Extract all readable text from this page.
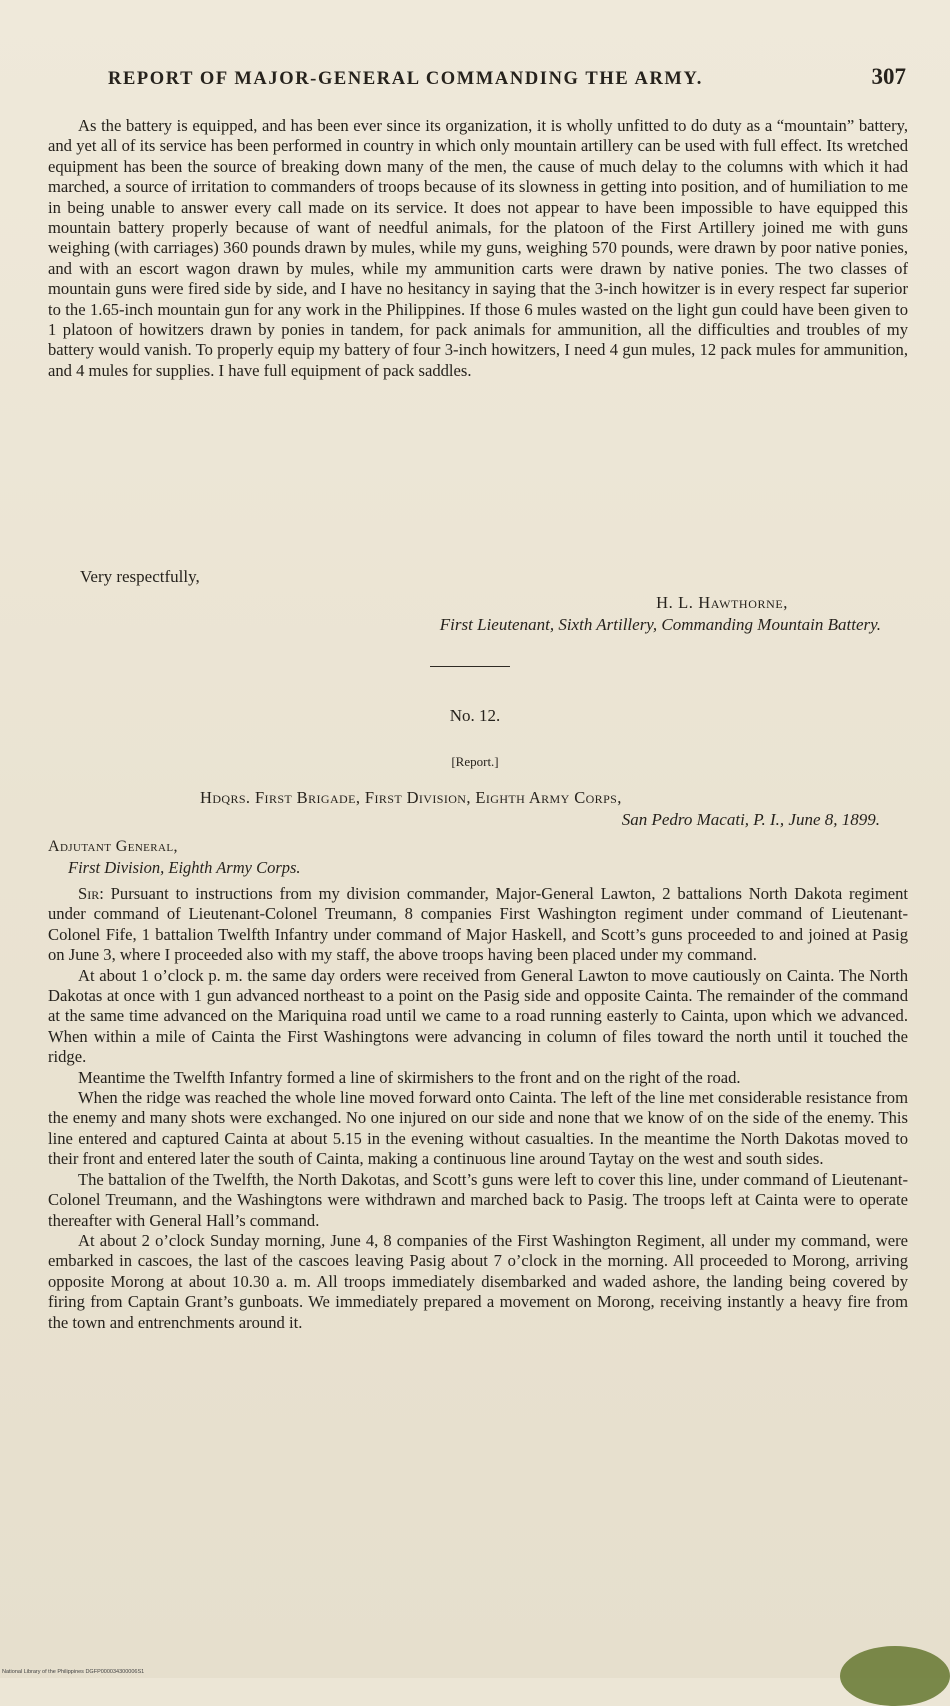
REPORT OF MAJOR-GENERAL COMMANDING THE ARMY.	307

As the battery is equipped, and has been ever since its organization, it is wholly unfitted to do duty as a “mountain” battery, and yet all of its service has been performed in country in which only mountain artillery can be used with full effect. Its wretched equipment has been the source of breaking down many of the men, the cause of much delay to the columns with which it had marched, a source of irritation to commanders of troops because of its slowness in getting into position, and of humiliation to me in being unable to answer every call made on its service. It does not appear to have been impossible to have equipped this mountain battery properly because of want of needful animals, for the platoon of the First Artillery joined me with guns weighing (with carriages) 360 pounds drawn by mules, while my guns, weighing 570 pounds, were drawn by poor native ponies, and with an escort wagon drawn by mules, while my ammunition carts were drawn by native ponies. The two classes of mountain guns were fired side by side, and I have no hesitancy in saying that the 3-inch howitzer is in every respect far superior to the 1.65-inch mountain gun for any work in the Philippines. If those 6 mules wasted on the light gun could have been given to 1 platoon of howitzers drawn by ponies in tandem, for pack animals for ammunition, all the difficulties and troubles of my battery would vanish. To properly equip my battery of four 3-inch howitzers, I need 4 gun mules, 12 pack mules for ammunition, and 4 mules for supplies. I have full equipment of pack saddles.

Very respectfully,
H. L. Hawthorne,
First Lieutenant, Sixth Artillery, Commanding Mountain Battery.
No. 12.
[Report.]
Hdqrs. First Brigade, First Division, Eighth Army Corps,
San Pedro Macati, P. I., June 8, 1899.
Adjutant General,
First Division, Eighth Army Corps.

Sir: Pursuant to instructions from my division commander, Major-General Lawton, 2 battalions North Dakota regiment under command of Lieutenant-Colonel Treumann, 8 companies First Washington regiment under command of Lieutenant-Colonel Fife, 1 battalion Twelfth Infantry under command of Major Haskell, and Scott’s guns proceeded to and joined at Pasig on June 3, where I proceeded also with my staff, the above troops having been placed under my command.

At about 1 o’clock p. m. the same day orders were received from General Lawton to move cautiously on Cainta. The North Dakotas at once with 1 gun advanced northeast to a point on the Pasig side and opposite Cainta. The remainder of the command at the same time advanced on the Mariquina road until we came to a road running easterly to Cainta, upon which we advanced. When within a mile of Cainta the First Washingtons were advancing in column of files toward the north until it touched the ridge.

Meantime the Twelfth Infantry formed a line of skirmishers to the front and on the right of the road.

When the ridge was reached the whole line moved forward onto Cainta. The left of the line met considerable resistance from the enemy and many shots were exchanged. No one injured on our side and none that we know of on the side of the enemy. This line entered and captured Cainta at about 5.15 in the evening without casualties. In the meantime the North Dakotas moved to their front and entered later the south of Cainta, making a continuous line around Taytay on the west and south sides.

The battalion of the Twelfth, the North Dakotas, and Scott’s guns were left to cover this line, under command of Lieutenant-Colonel Treumann, and the Washingtons were withdrawn and marched back to Pasig. The troops left at Cainta were to operate thereafter with General Hall’s command.

At about 2 o’clock Sunday morning, June 4, 8 companies of the First Washington Regiment, all under my command, were embarked in cascoes, the last of the cascoes leaving Pasig about 7 o’clock in the morning. All proceeded to Morong, arriving opposite Morong at about 10.30 a. m. All troops immediately disembarked and waded ashore, the landing being covered by firing from Captain Grant’s gunboats. We immediately prepared a movement on Morong, receiving instantly a heavy fire from the town and entrenchments around it.

National Library of the Philippines DGFP000034300006S1
